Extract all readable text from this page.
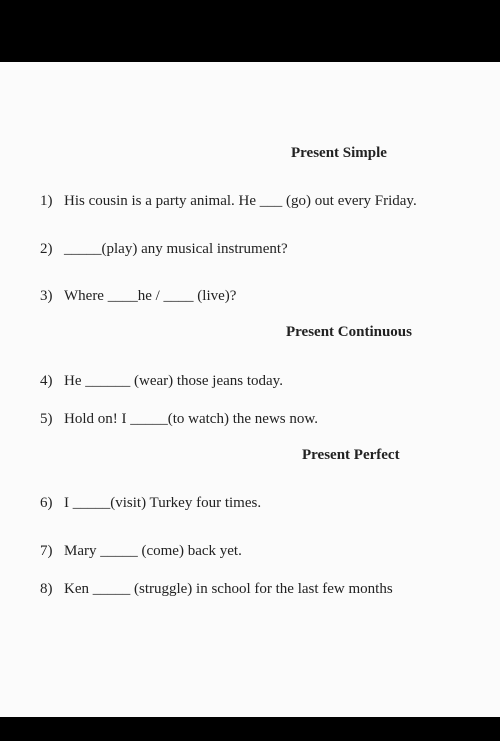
Present Simple
1) His cousin is a party animal. He ___ (go) out every Friday.
2) _____(play) any musical instrument?
3) Where ____he / ____ (live)?
Present Continuous
4) He ______ (wear) those jeans today.
5) Hold on! I _____(to watch) the news now.
Present Perfect
6) I _____(visit) Turkey four times.
7) Mary _____ (come) back yet.
8) Ken _____ (struggle) in school for the last few months
